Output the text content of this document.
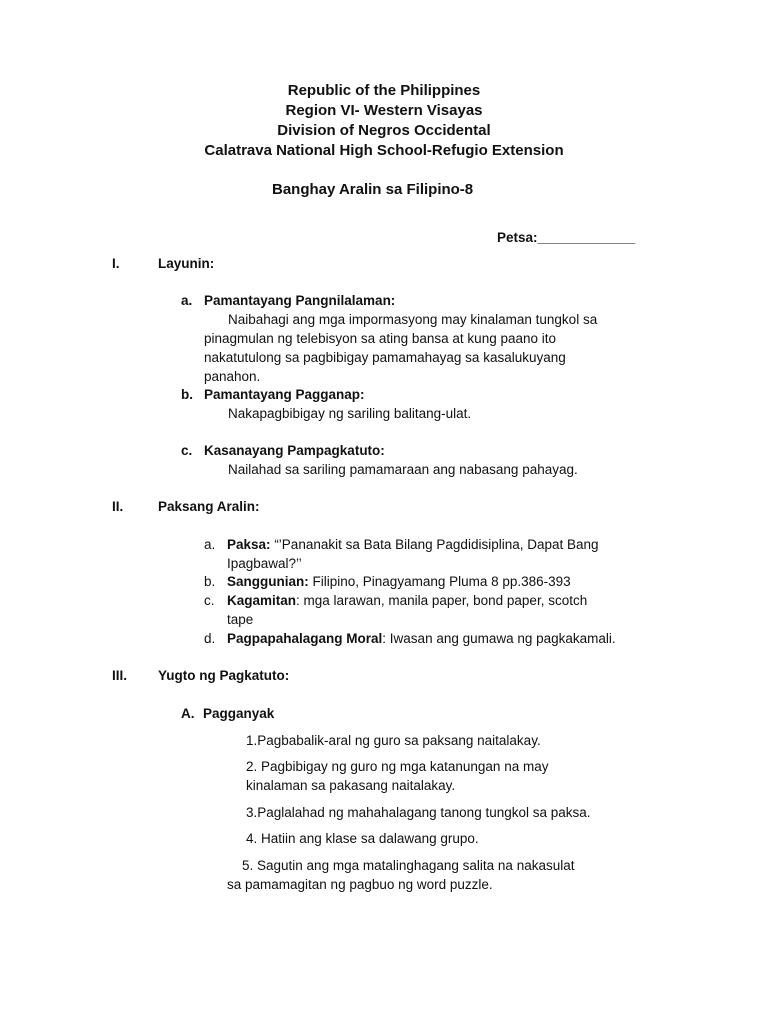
Republic of the Philippines
Region VI- Western Visayas
Division of Negros Occidental
Calatrava National High School-Refugio Extension
Banghay Aralin sa Filipino-8
Petsa:_____________
I.	Layunin:
a. Pamantayang Pangnilalaman:
Naibahagi ang mga impormasyong may kinalaman tungkol sa
pinagmulan ng telebisyon sa ating bansa at kung paano ito
nakatutulong sa pagbibigay pamamahayag sa kasalukuyang
panahon.
b. Pamantayang Pagganap:
Nakapagbibigay ng sariling balitang-ulat.
c. Kasanayang Pampagkatuto:
Nailahad sa sariling pamamaraan ang nabasang pahayag.
II.	Paksang Aralin:
a. Paksa: “’Pananakit sa Bata Bilang Pagdidisiplina, Dapat Bang
Ipagbawal?’’
b. Sanggunian: Filipino, Pinagyamang Pluma 8 pp.386-393
c. Kagamitan: mga larawan, manila paper, bond paper, scotch
tape
d. Pagpapahalagang Moral: Iwasan ang gumawa ng pagkakamali.
III. Yugto ng Pagkatuto:
A. Pagganyak
1.Pagbabalik-aral ng guro sa paksang naitalakay.
2. Pagbibigay ng guro ng mga katanungan na may
kinalaman sa pakasang naitalakay.
3.Paglalahad ng mahahalagang tanong tungkol sa paksa.
4. Hatiin ang klase sa dalawang grupo.
5. Sagutin ang mga matalinghagang salita na nakasulat
sa pamamagitan ng pagbuo ng word puzzle.
